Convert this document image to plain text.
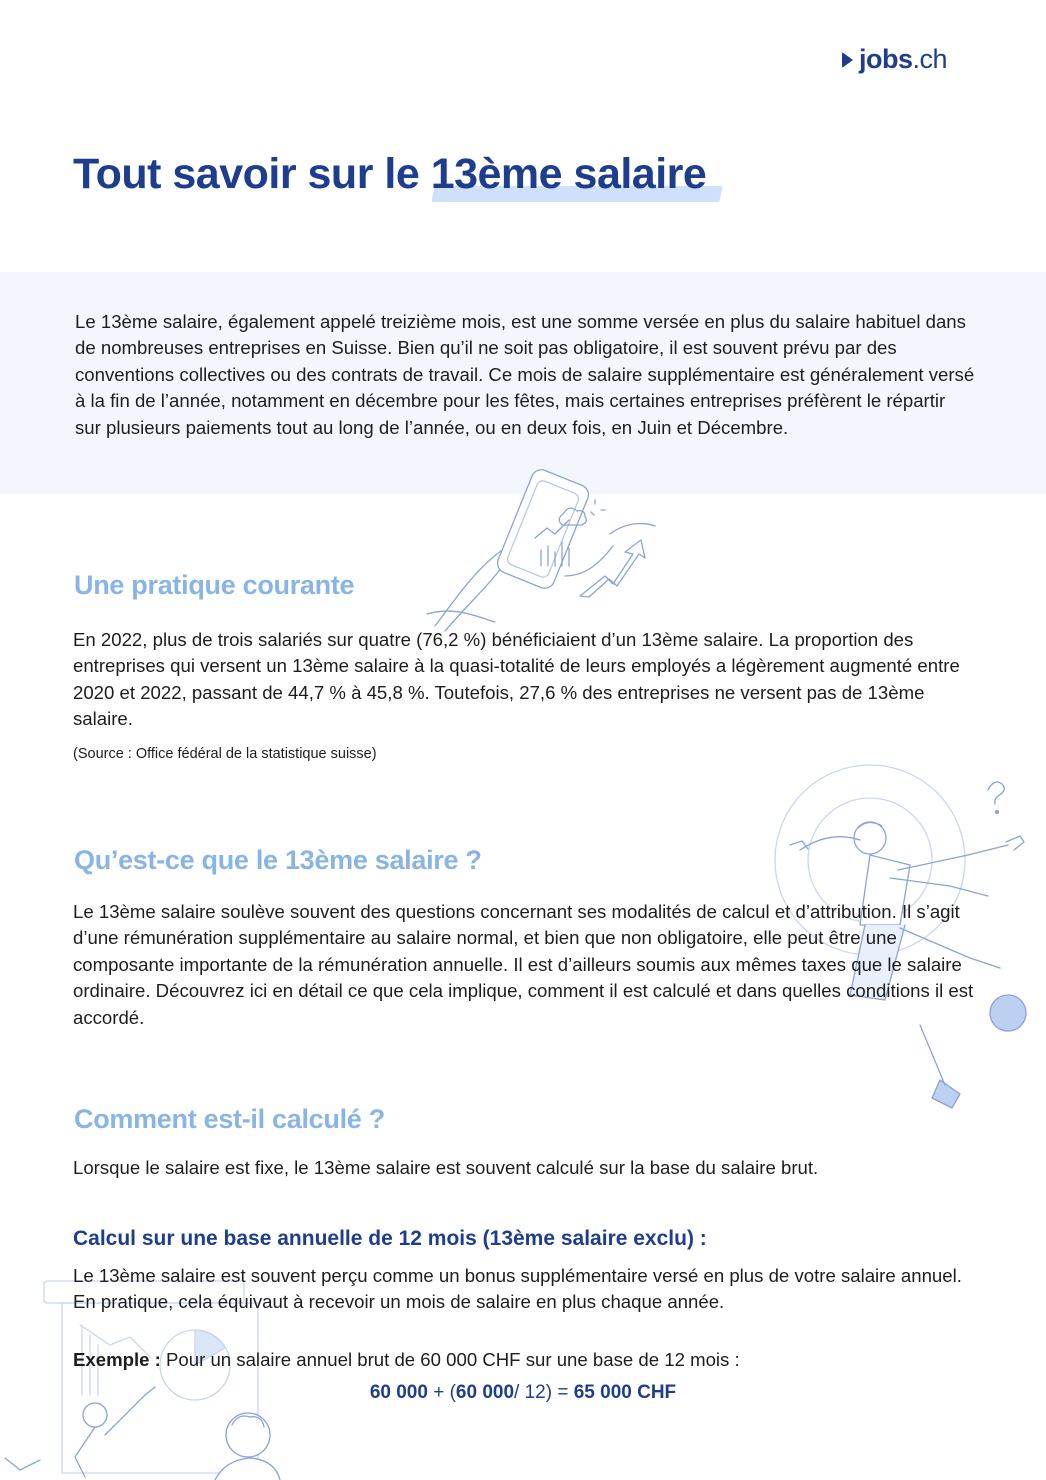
jobs.ch
Tout savoir sur le 13ème salaire

Le 13ème salaire, également appelé treizième mois, est une somme versée en plus du salaire habituel dans de nombreuses entreprises en Suisse. Bien qu’il ne soit pas obligatoire, il est souvent prévu par des conventions collectives ou des contrats de travail. Ce mois de salaire supplémentaire est généralement versé à la fin de l’année, notamment en décembre pour les fêtes, mais certaines entreprises préfèrent le répartir sur plusieurs paiements tout au long de l’année, ou en deux fois, en Juin et Décembre.

Une pratique courante

En 2022, plus de trois salariés sur quatre (76,2 %) bénéficiaient d’un 13ème salaire. La proportion des entreprises qui versent un 13ème salaire à la quasi-totalité de leurs employés a légèrement augmenté entre 2020 et 2022, passant de 44,7 % à 45,8 %. Toutefois, 27,6 % des entreprises ne versent pas de 13ème salaire.

(Source : Office fédéral de la statistique suisse)

Qu’est-ce que le 13ème salaire ?

Le 13ème salaire soulève souvent des questions concernant ses modalités de calcul et d’attribution. Il s’agit d’une rémunération supplémentaire au salaire normal, et bien que non obligatoire, elle peut être une composante importante de la rémunération annuelle. Il est d’ailleurs soumis aux mêmes taxes que le salaire ordinaire. Découvrez ici en détail ce que cela implique, comment il est calculé et dans quelles conditions il est accordé.

Comment est-il calculé ?

Lorsque le salaire est fixe, le 13ème salaire est souvent calculé sur la base du salaire brut.

Calcul sur une base annuelle de 12 mois (13ème salaire exclu) :

Le 13ème salaire est souvent perçu comme un bonus supplémentaire versé en plus de votre salaire annuel. En pratique, cela équivaut à recevoir un mois de salaire en plus chaque année.

Exemple : Pour un salaire annuel brut de 60 000 CHF sur une base de 12 mois :

60 000 + (60 000/ 12) = 65 000 CHF
